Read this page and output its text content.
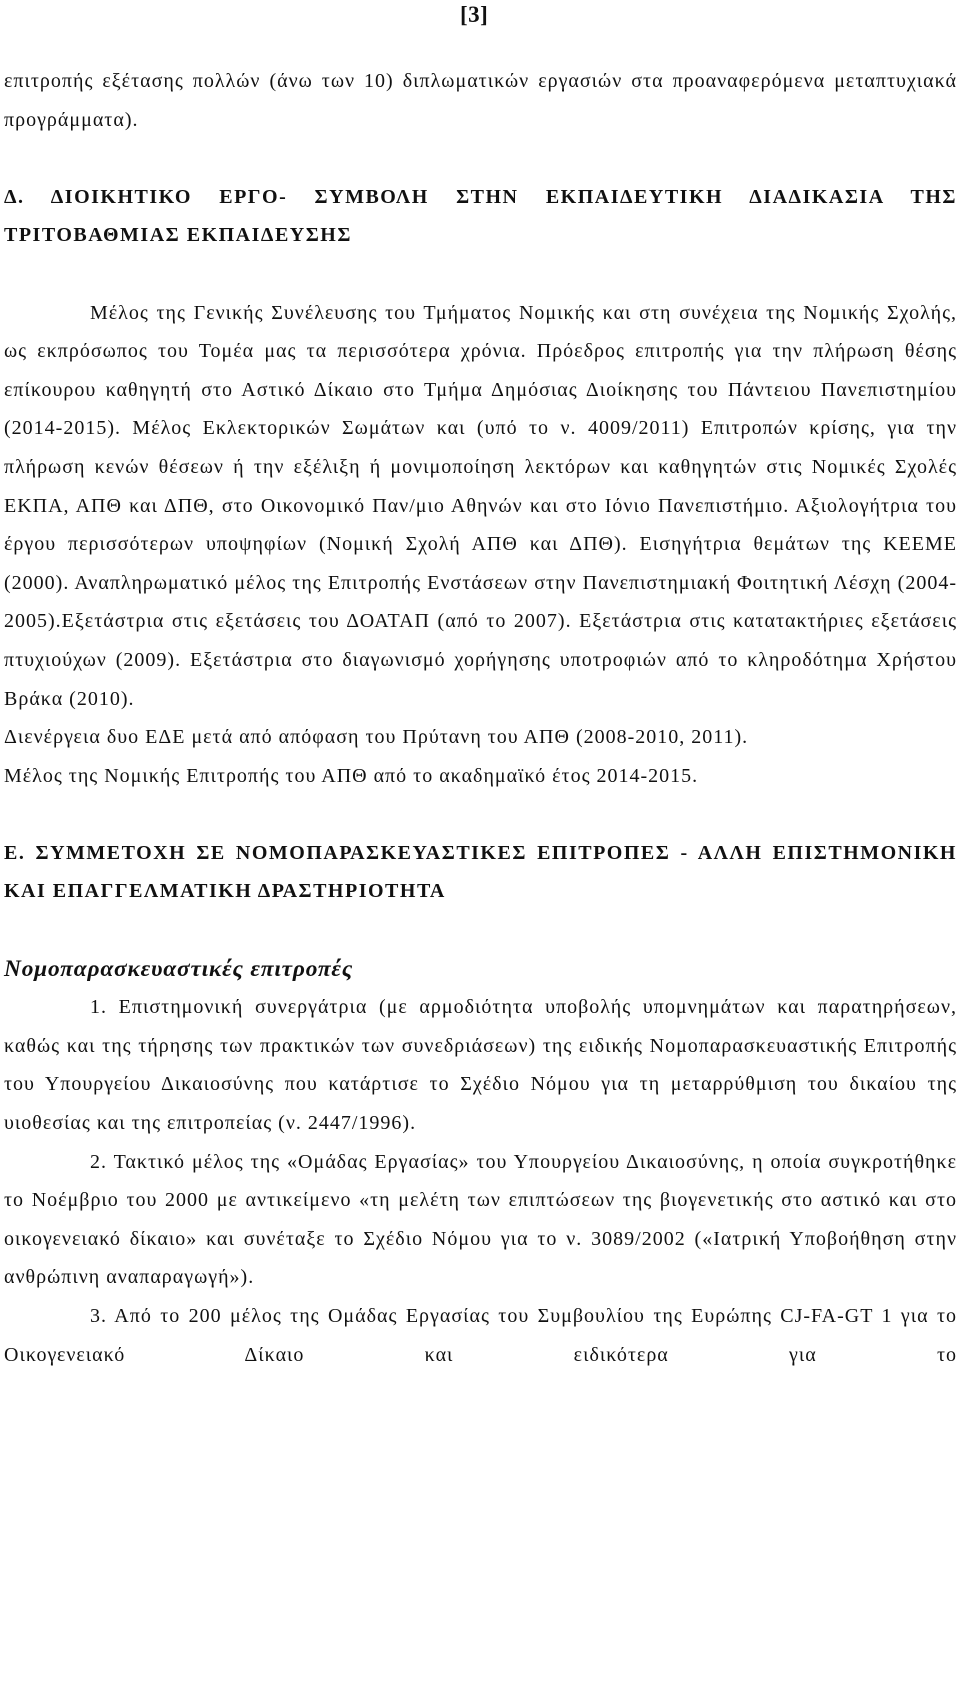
[3]

επιτροπής εξέτασης πολλών (άνω των 10) διπλωματικών εργασιών στα προαναφερόμενα μεταπτυχιακά προγράμματα).

Δ. ΔΙΟΙΚΗΤΙΚΟ ΕΡΓΟ- ΣΥΜΒΟΛΗ ΣΤΗΝ ΕΚΠΑΙΔΕΥΤΙΚΗ ΔΙΑΔΙΚΑΣΙΑ ΤΗΣ ΤΡΙΤΟΒΑΘΜΙΑΣ ΕΚΠΑΙΔΕΥΣΗΣ

Μέλος της Γενικής Συνέλευσης του Τμήματος Νομικής και στη συνέχεια της Νομικής Σχολής, ως εκπρόσωπος του Τομέα μας τα περισσότερα χρόνια. Πρόεδρος επιτροπής για την πλήρωση θέσης επίκουρου καθηγητή στο Αστικό Δίκαιο στο Τμήμα Δημόσιας Διοίκησης του Πάντειου Πανεπιστημίου (2014-2015). Μέλος Εκλεκτορικών Σωμάτων και (υπό το ν. 4009/2011) Επιτροπών κρίσης, για την πλήρωση κενών θέσεων ή την εξέλιξη ή μονιμοποίηση λεκτόρων και καθηγητών στις Νομικές Σχολές ΕΚΠΑ, ΑΠΘ και ΔΠΘ, στο Οικονομικό Παν/μιο Αθηνών και στο Ιόνιο Πανεπιστήμιο. Αξιολογήτρια του έργου περισσότερων υποψηφίων (Νομική Σχολή ΑΠΘ και ΔΠΘ). Εισηγήτρια θεμάτων της ΚΕΕΜΕ (2000). Αναπληρωματικό μέλος της Επιτροπής Ενστάσεων στην Πανεπιστημιακή Φοιτητική Λέσχη (2004-2005).Εξετάστρια στις εξετάσεις του ΔΟΑΤΑΠ (από το 2007). Εξετάστρια στις κατατακτήριες εξετάσεις πτυχιούχων (2009). Εξετάστρια στο διαγωνισμό χορήγησης υποτροφιών από το κληροδότημα Χρήστου Βράκα (2010).

Διενέργεια δυο ΕΔΕ μετά από απόφαση του Πρύτανη του ΑΠΘ (2008-2010, 2011).

Μέλος της Νομικής Επιτροπής του ΑΠΘ από το ακαδημαϊκό έτος 2014-2015.

Ε. ΣΥΜΜΕΤΟΧΗ ΣΕ ΝΟΜΟΠΑΡΑΣΚΕΥΑΣΤΙΚΕΣ ΕΠΙΤΡΟΠΕΣ - ΑΛΛΗ ΕΠΙΣΤΗΜΟΝΙΚΗ ΚΑΙ ΕΠΑΓΓΕΛΜΑΤΙΚΗ ΔΡΑΣΤΗΡΙΟΤΗΤΑ
Νομοπαρασκευαστικές επιτροπές

1. Επιστημονική συνεργάτρια (με αρμοδιότητα υποβολής υπομνημάτων και παρατηρήσεων, καθώς και της τήρησης των πρακτικών των συνεδριάσεων) της ειδικής Νομοπαρασκευαστικής Επιτροπής του Υπουργείου Δικαιοσύνης που κατάρτισε το Σχέδιο Νόμου για τη μεταρρύθμιση του δικαίου της υιοθεσίας και της επιτροπείας (ν. 2447/1996).

2. Τακτικό μέλος της «Ομάδας Εργασίας» του Υπουργείου Δικαιοσύνης, η οποία συγκροτήθηκε το Νοέμβριο του 2000 με αντικείμενο «τη μελέτη των επιπτώσεων της βιογενετικής στο αστικό και στο οικογενειακό δίκαιο» και συνέταξε το Σχέδιο Νόμου για το ν. 3089/2002 («Ιατρική Υποβοήθηση στην ανθρώπινη αναπαραγωγή»).

3. Από το 200 μέλος της Ομάδας Εργασίας του Συμβουλίου της Ευρώπης CJ-FA-GT 1 για το Οικογενειακό Δίκαιο και ειδικότερα για το
